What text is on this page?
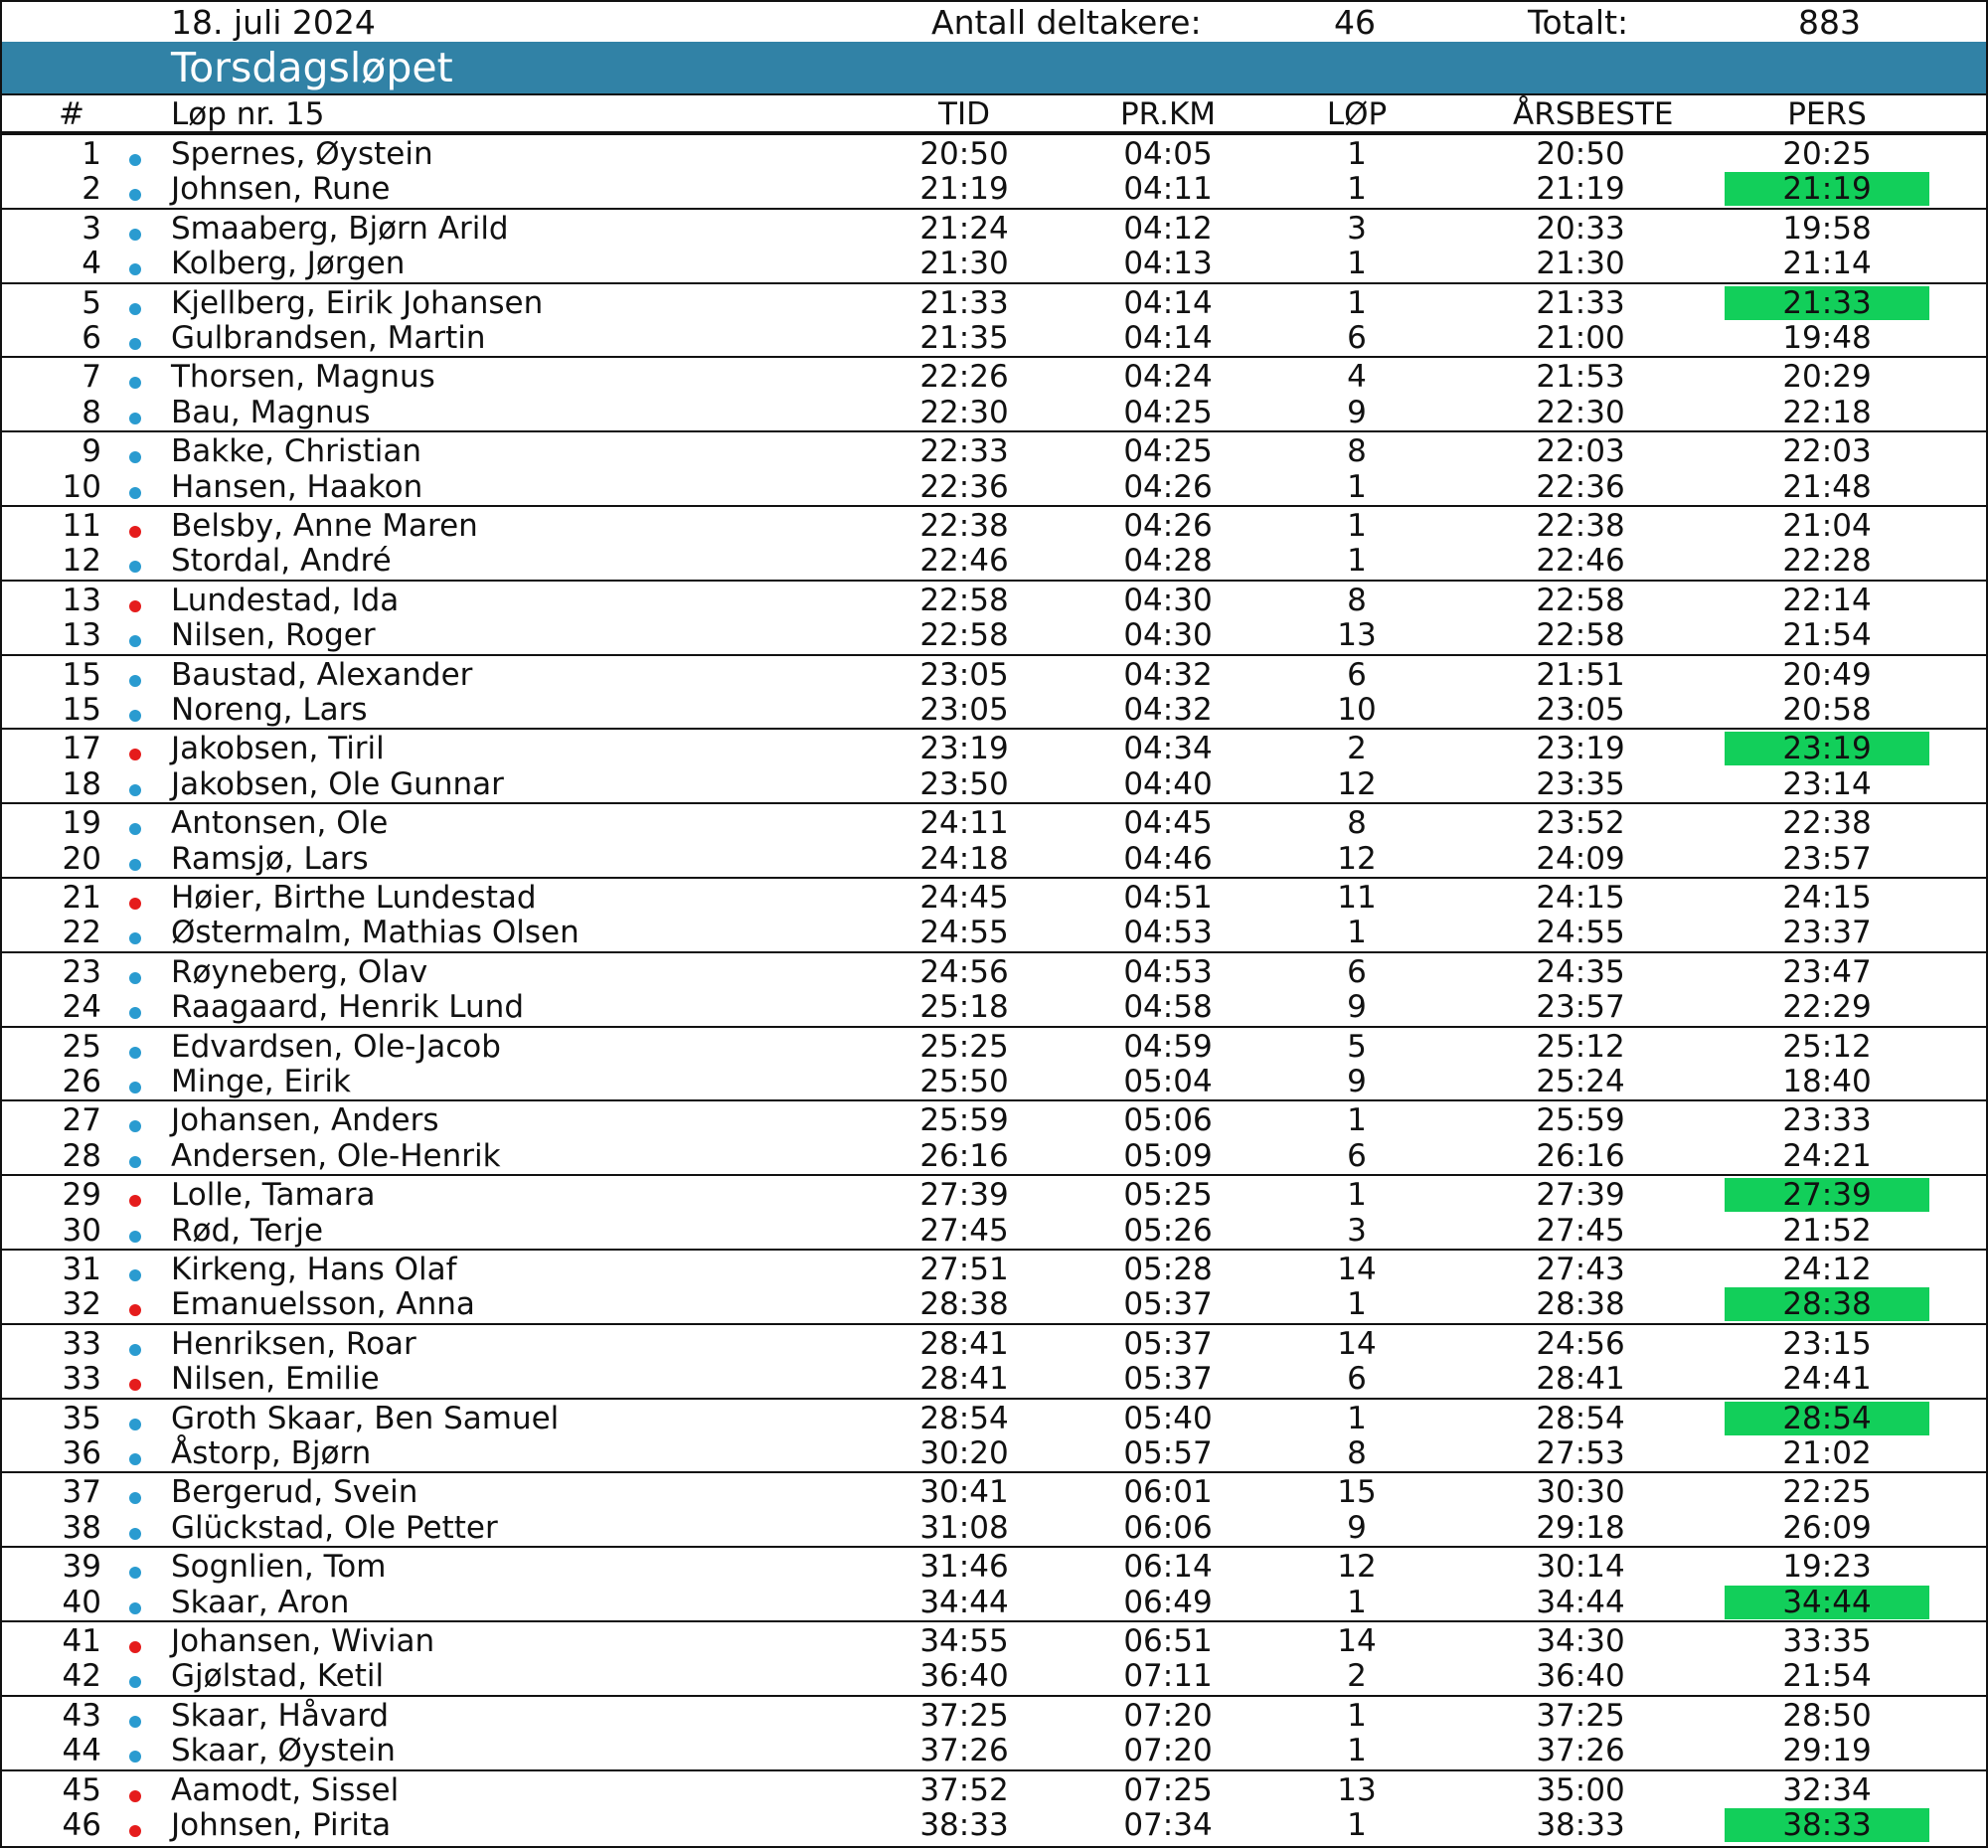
18. juli 2024	Antall deltakere:	46	Totalt:	883
Torsdagsløpet
#	Løp nr. 15	TID	PR.KM	LØP	ÅRSBESTE	PERS
1 Spernes, Øystein	20:50	04:05	1	20:50	20:25
2 Johnsen, Rune	21:19	04:11	1	21:19	21:19
3 Smaaberg, Bjørn Arild	21:24	04:12	3	20:33	19:58
4 Kolberg, Jørgen	21:30	04:13	1	21:30	21:14
5 Kjellberg, Eirik Johansen	21:33	04:14	1	21:33	21:33
6 Gulbrandsen, Martin	21:35	04:14	6	21:00	19:48
7 Thorsen, Magnus	22:26	04:24	4	21:53	20:29
8 Bau, Magnus	22:30	04:25	9	22:30	22:18
9 Bakke, Christian	22:33	04:25	8	22:03	22:03
10 Hansen, Haakon	22:36	04:26	1	22:36	21:48
11 Belsby, Anne Maren	22:38	04:26	1	22:38	21:04
12 Stordal, André	22:46	04:28	1	22:46	22:28
13 Lundestad, Ida	22:58	04:30	8	22:58	22:14
13 Nilsen, Roger	22:58	04:30	13	22:58	21:54
15 Baustad, Alexander	23:05	04:32	6	21:51	20:49
15 Noreng, Lars	23:05	04:32	10	23:05	20:58
17 Jakobsen, Tiril	23:19	04:34	2	23:19	23:19
18 Jakobsen, Ole Gunnar	23:50	04:40	12	23:35	23:14
19 Antonsen, Ole	24:11	04:45	8	23:52	22:38
20 Ramsjø, Lars	24:18	04:46	12	24:09	23:57
21 Høier, Birthe Lundestad	24:45	04:51	11	24:15	24:15
22 Østermalm, Mathias Olsen	24:55	04:53	1	24:55	23:37
23 Røyneberg, Olav	24:56	04:53	6	24:35	23:47
24 Raagaard, Henrik Lund	25:18	04:58	9	23:57	22:29
25 Edvardsen, Ole-Jacob	25:25	04:59	5	25:12	25:12
26 Minge, Eirik	25:50	05:04	9	25:24	18:40
27 Johansen, Anders	25:59	05:06	1	25:59	23:33
28 Andersen, Ole-Henrik	26:16	05:09	6	26:16	24:21
29 Lolle, Tamara	27:39	05:25	1	27:39	27:39
30 Rød, Terje	27:45	05:26	3	27:45	21:52
31 Kirkeng, Hans Olaf	27:51	05:28	14	27:43	24:12
32 Emanuelsson, Anna	28:38	05:37	1	28:38	28:38
33 Henriksen, Roar	28:41	05:37	14	24:56	23:15
33 Nilsen, Emilie	28:41	05:37	6	28:41	24:41
35 Groth Skaar, Ben Samuel	28:54	05:40	1	28:54	28:54
36 Åstorp, Bjørn	30:20	05:57	8	27:53	21:02
37 Bergerud, Svein	30:41	06:01	15	30:30	22:25
38 Glückstad, Ole Petter	31:08	06:06	9	29:18	26:09
39 Sognlien, Tom	31:46	06:14	12	30:14	19:23
40 Skaar, Aron	34:44	06:49	1	34:44	34:44
41 Johansen, Wivian	34:55	06:51	14	34:30	33:35
42 Gjølstad, Ketil	36:40	07:11	2	36:40	21:54
43 Skaar, Håvard	37:25	07:20	1	37:25	28:50
44 Skaar, Øystein	37:26	07:20	1	37:26	29:19
45 Aamodt, Sissel	37:52	07:25	13	35:00	32:34
46 Johnsen, Pirita	38:33	07:34	1	38:33	38:33
